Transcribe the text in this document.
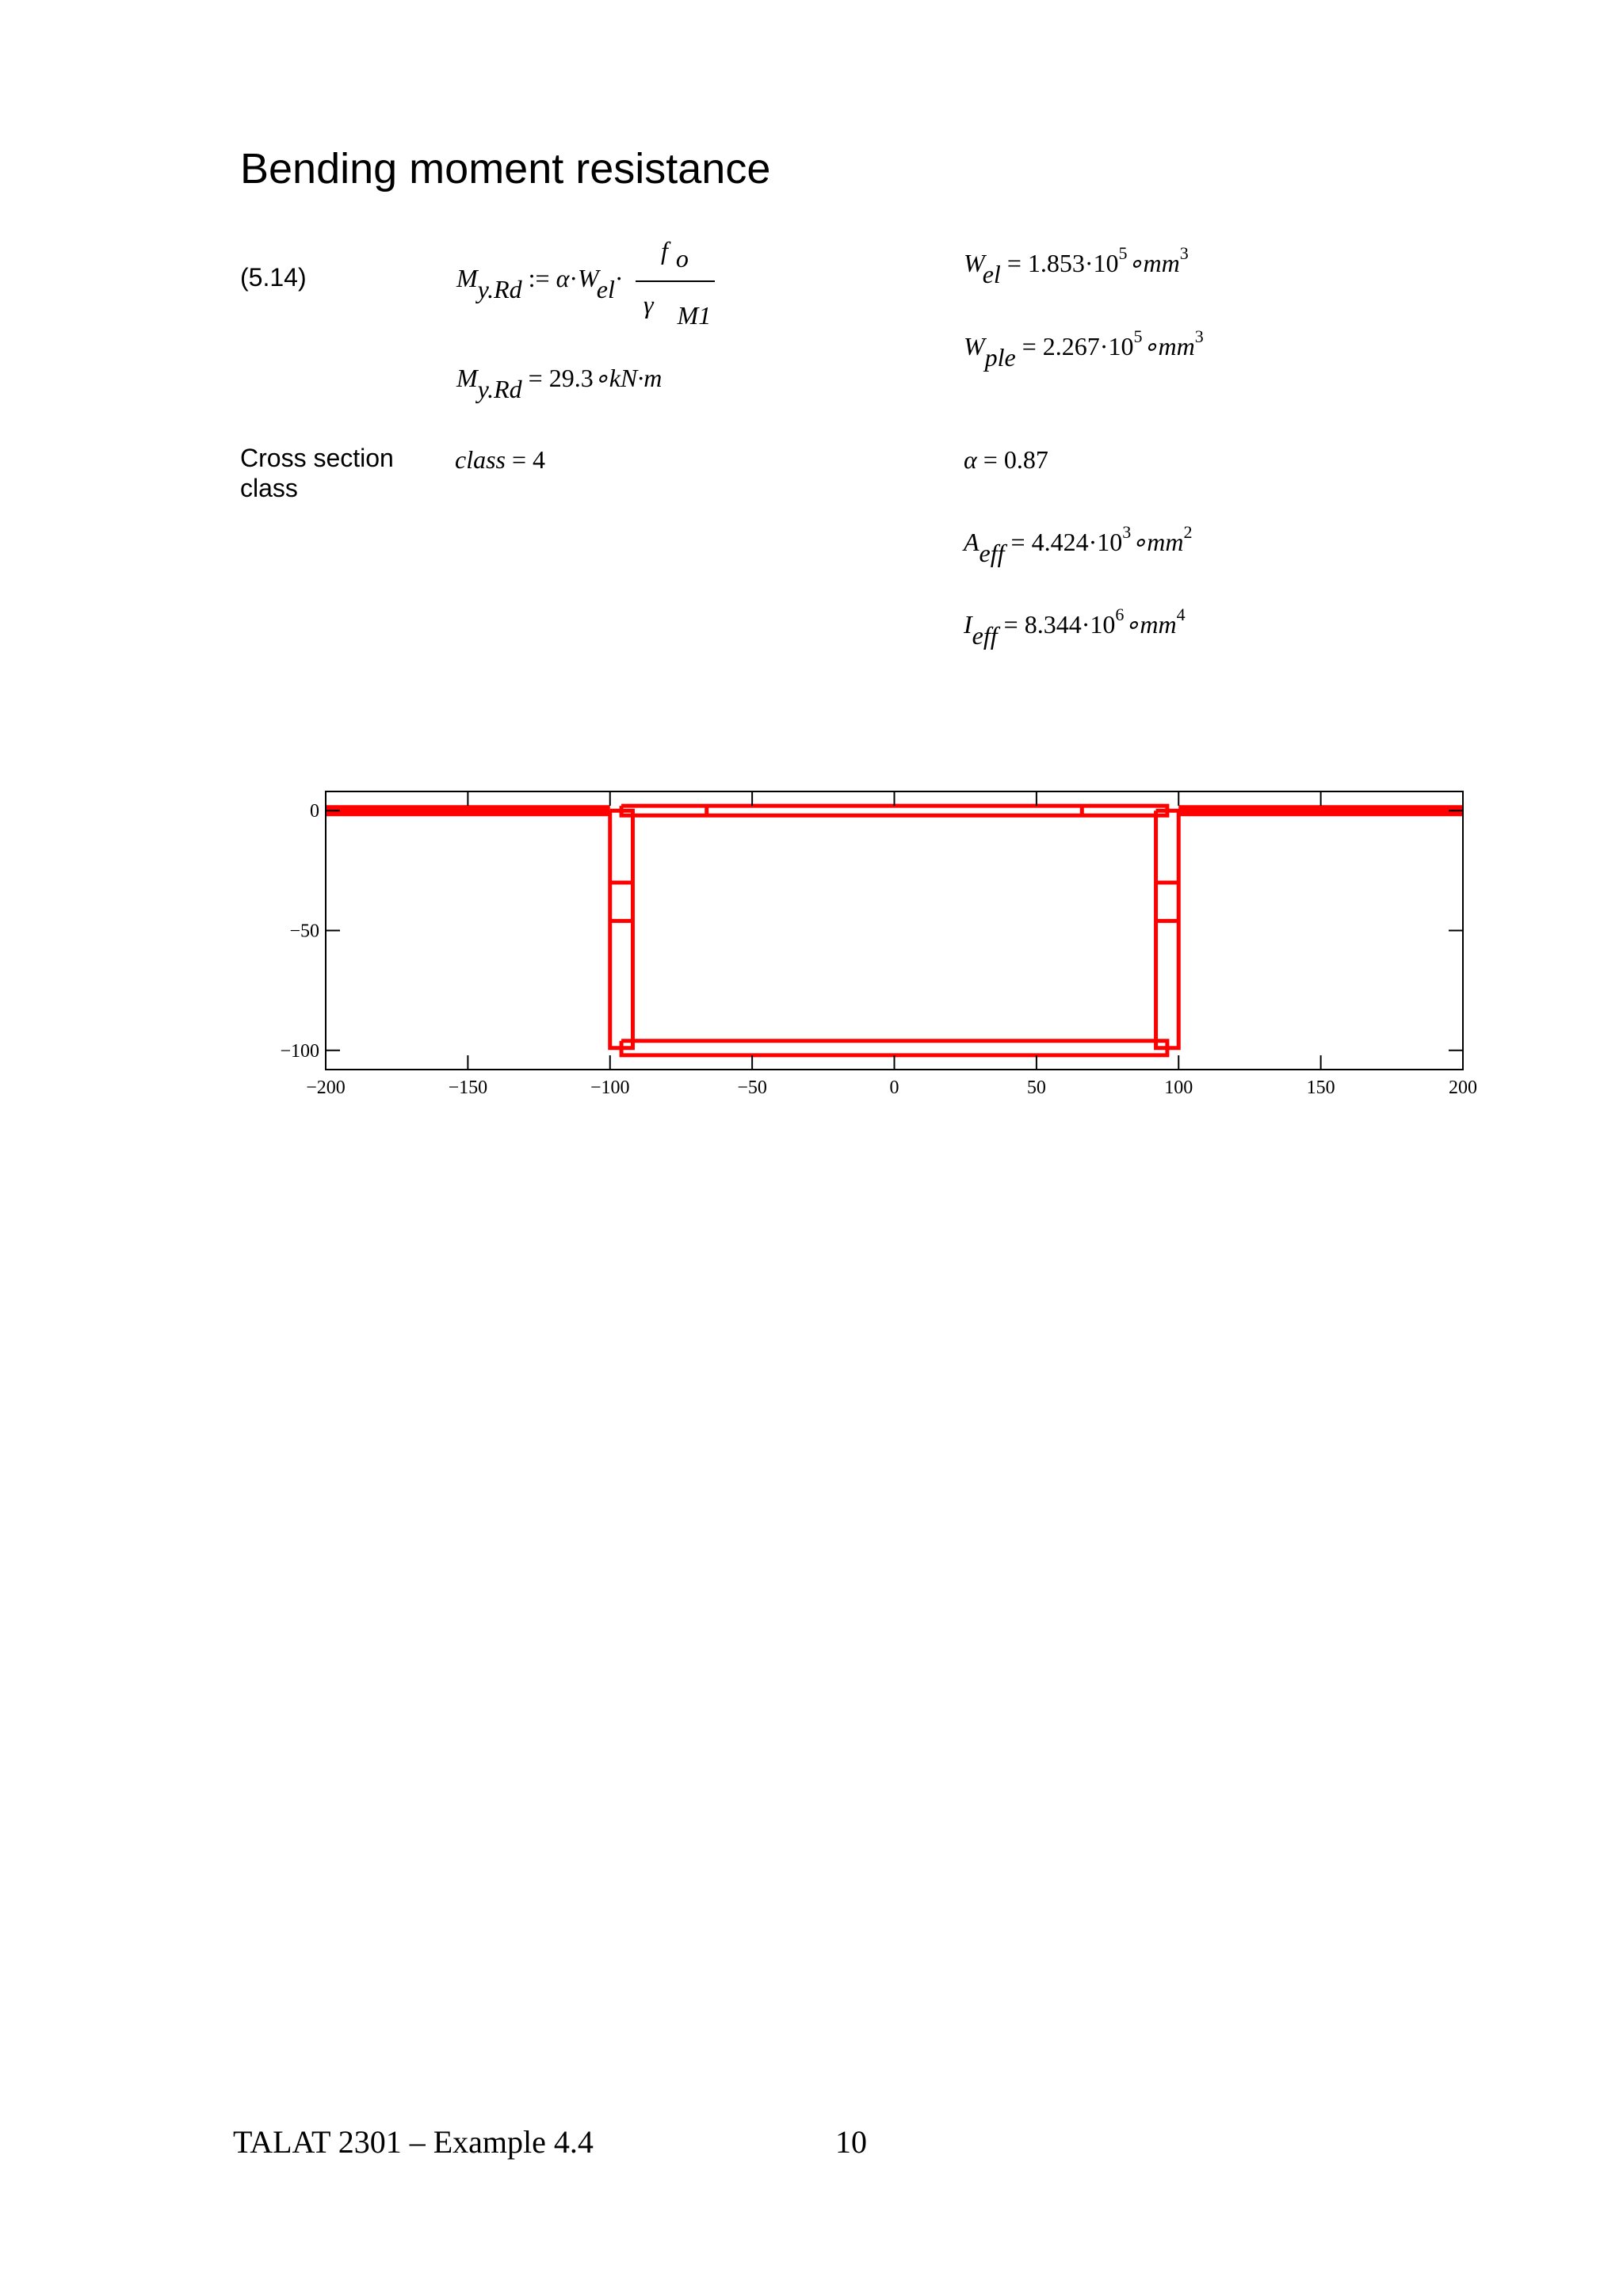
Bending moment resistance
(5.14)	My.Rd := α·Wel·
f o
γ M1
My.Rd = 29.3∘kN·m
Cross section
class
class = 4
Wel = 1.853·105∘mm3
Wple = 2.267·105∘mm3
α = 0.87
Aeff = 4.424·103∘mm2
Ieff = 8.344·106∘mm4
−200	−150	−100	−50	0	50	100	150	200
0
−50
−100
TALAT 2301 – Example 4.4	10
